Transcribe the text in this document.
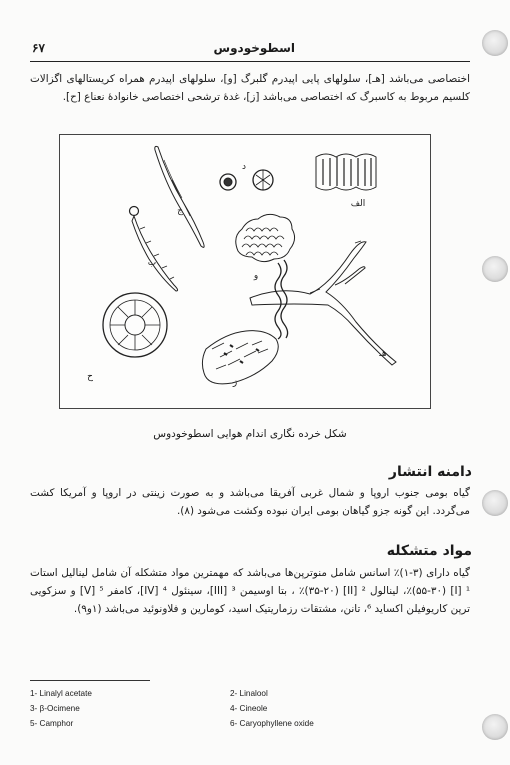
اسطوخودوس
۶۷

اختصاصی می‌باشد [هـ]، سلولهای پایی اپیدرم گلبرگ [و]، سلولهای اپیدرم همراه کریستالهای اگزالات کلسیم مربوط به کاسبرگ که اختصاصی می‌باشد [ز]، غدهٔ ترشحی اختصاصی خانوادهٔ نعناع [ح].

الف
د
ج
ب
و
هـ
ز
ح
شکل خرده نگاری اندام هوایی اسطوخودوس
دامنه انتشار

گیاه بومی جنوب اروپا و شمال غربی آفریقا می‌باشد و به صورت زینتی در اروپا و آمریکا کشت می‌گردد. این گونه جزو گیاهان بومی ایران نبوده وکشت می‌شود (۸).

مواد متشکله

گیاه دارای (۳-۱)٪ اسانس شامل منوترپن‌ها می‌باشد که مهمترین مواد متشکله آن شامل لینالیل استات ¹ [I] (۵۵-۳۰)٪، لینالول ² [II] (۳۵-۲۰)٪ ، بتا اوسیمن ³ [III]، سینئول ⁴ [IV]، کامفر ⁵ [V] و سزکویی ترپن کاریوفیلن اکساید ⁶، تانن، مشتقات رزماریتیک اسید، کومارین و فلاونوئید می‌باشد (۱و۹).

1- Linalyl acetate	2- Linalool
3- β-Ocimene	4- Cineole
5- Camphor	6- Caryophyllene oxide
